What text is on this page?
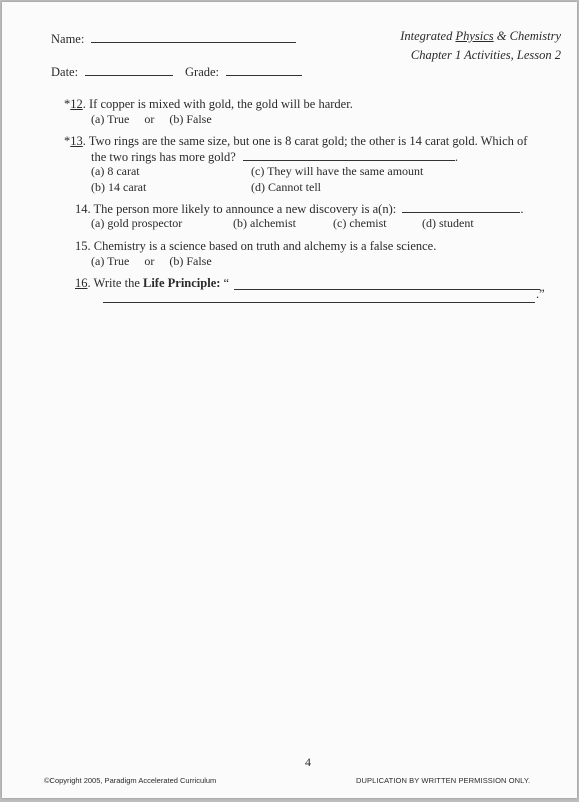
Name:
Date:	Grade:
Integrated Physics & Chemistry
Chapter 1 Activities, Lesson 2
*12. If copper is mixed with gold, the gold will be harder.
(a) True or (b) False
*13. Two rings are the same size, but one is 8 carat gold; the other is 14 carat gold. Which of
the two rings has more gold?	.
(a) 8 carat	(c) They will have the same amount
(b) 14 carat	(d) Cannot tell
14. The person more likely to announce a new discovery is a(n):	.
(a) gold prospector	(b) alchemist	(c) chemist	(d) student
15. Chemistry is a science based on truth and alchemy is a false science.
(a) True or (b) False
16. Write the Life Principle: “
.”
4
©Copyright 2005, Paradigm Accelerated Curriculum	DUPLICATION BY WRITTEN PERMISSION ONLY.
